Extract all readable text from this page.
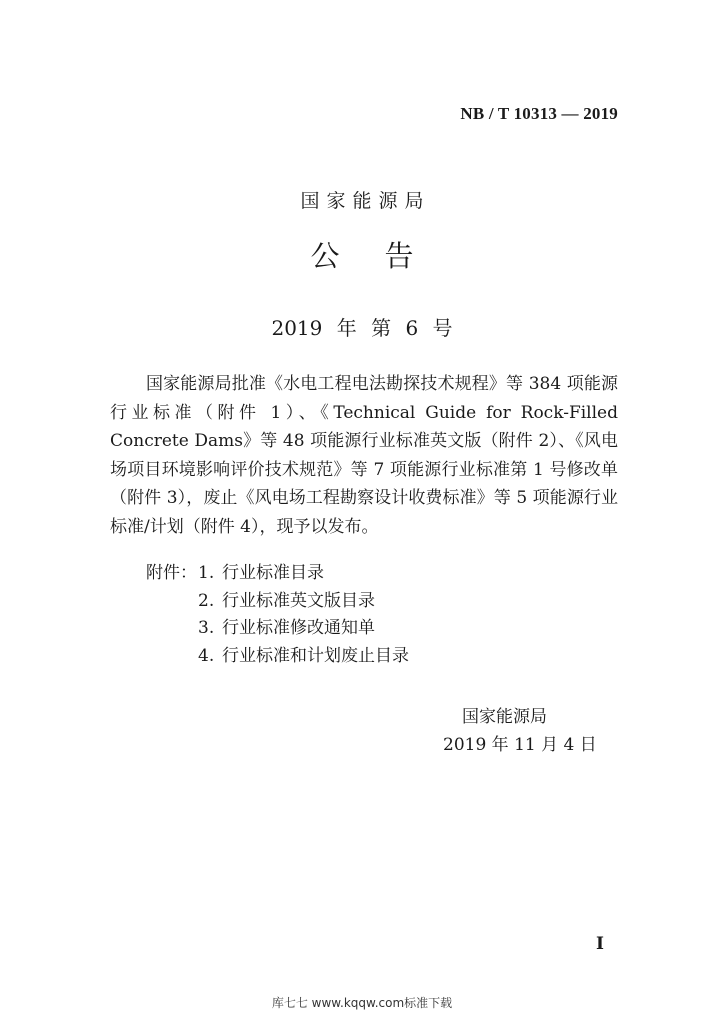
NB / T 10313 — 2019
国家能源局
公告
2019 年 第 6 号

国家能源局批准《水电工程电法勘探技术规程》等 384 项能源行业标准（附件 1）、《Technical Guide for Rock-Filled Concrete Dams》等 48 项能源行业标准英文版（附件 2）、《风电场项目环境影响评价技术规范》等 7 项能源行业标准第 1 号修改单（附件 3），废止《风电场工程勘察设计收费标准》等 5 项能源行业标准/计划（附件 4），现予以发布。

附件： 1. 行业标准目录
2. 行业标准英文版目录
3. 行业标准修改通知单
4. 行业标准和计划废止目录
国家能源局
2019 年 11 月 4 日
I
库七七 www.kqqw.com标准下载
